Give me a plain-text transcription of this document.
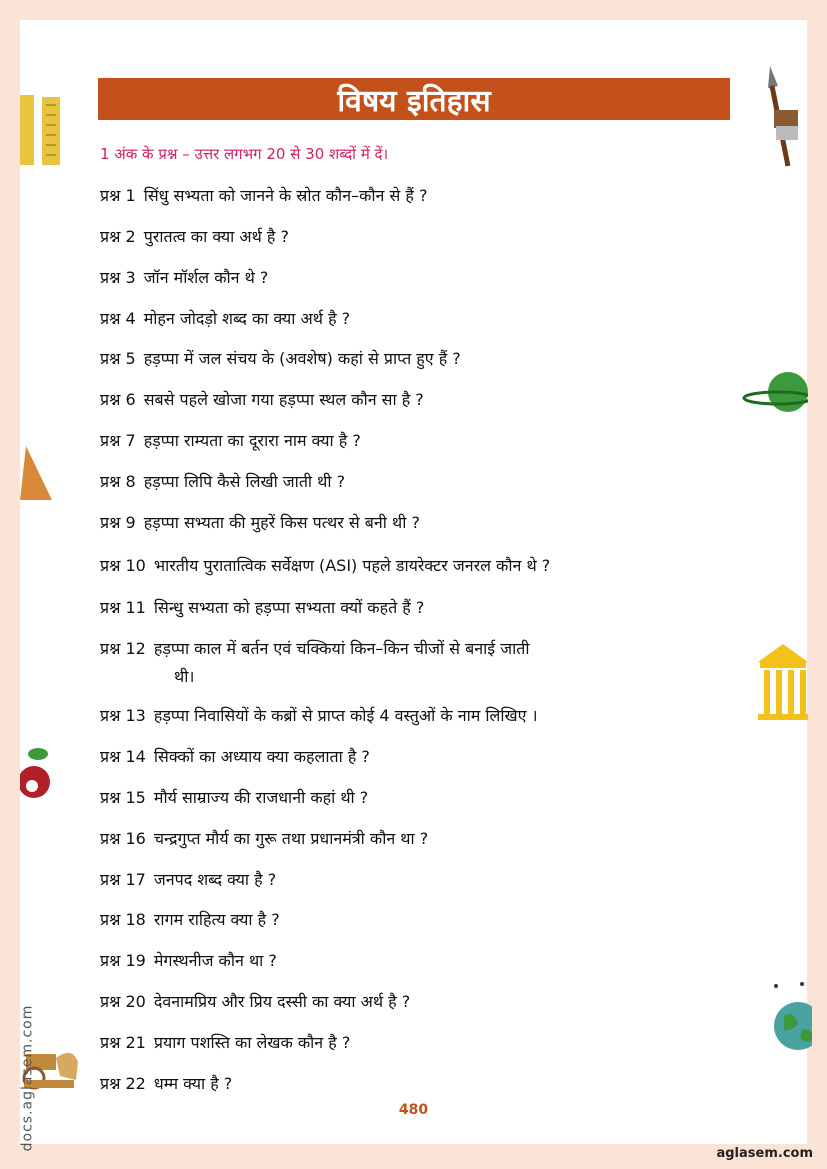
विषय इतिहास
1 अंक के प्रश्न – उत्तर लगभग 20 से 30 शब्दों में दें।
प्रश्न 1 सिंधु सभ्यता को जानने के स्रोत कौन–कौन से हैं ?
प्रश्न 2 पुरातत्व का क्या अर्थ है ?
प्रश्न 3 जॉन मॉर्शल कौन थे ?
प्रश्न 4 मोहन जोदड़ो शब्द का क्या अर्थ है ?
प्रश्न 5 हड़प्पा में जल संचय के (अवशेष) कहां से प्राप्त हुए हैं ?
प्रश्न 6 सबसे पहले खोजा गया हड़प्पा स्थल कौन सा है ?
प्रश्न 7 हड़प्पा राम्यता का दूरारा नाम क्या है ?
प्रश्न 8 हड़प्पा लिपि कैसे लिखी जाती थी ?
प्रश्न 9 हड़प्पा सभ्यता की मुहरें किस पत्थर से बनी थी ?
प्रश्न 10 भारतीय पुरातात्विक सर्वेक्षण (ASI) पहले डायरेक्टर जनरल कौन थे ?
प्रश्न 11 सिन्धु सभ्यता को हड़प्पा सभ्यता क्यों कहते हैं ?
प्रश्न 12 हड़प्पा काल में बर्तन एवं चक्कियां किन–किन चीजों से बनाई जाती
थी।
प्रश्न 13 हड़प्पा निवासियों के कब्रों से प्राप्त कोई 4 वस्तुओं के नाम लिखिए ।
प्रश्न 14 सिक्कों का अध्याय क्या कहलाता है ?
प्रश्न 15 मौर्य साम्राज्य की राजधानी कहां थी ?
प्रश्न 16 चन्द्रगुप्त मौर्य का गुरू तथा प्रधानमंत्री कौन था ?
प्रश्न 17 जनपद शब्द क्या है ?
प्रश्न 18 रागम राहित्य क्या है ?
प्रश्न 19 मेगस्थनीज कौन था ?
प्रश्न 20 देवनामप्रिय और प्रिय दस्सी का क्या अर्थ है ?
प्रश्न 21 प्रयाग पशस्ति का लेखक कौन है ?
प्रश्न 22 धम्म क्या है ?
480
docs.aglasem.com
aglasem.com
